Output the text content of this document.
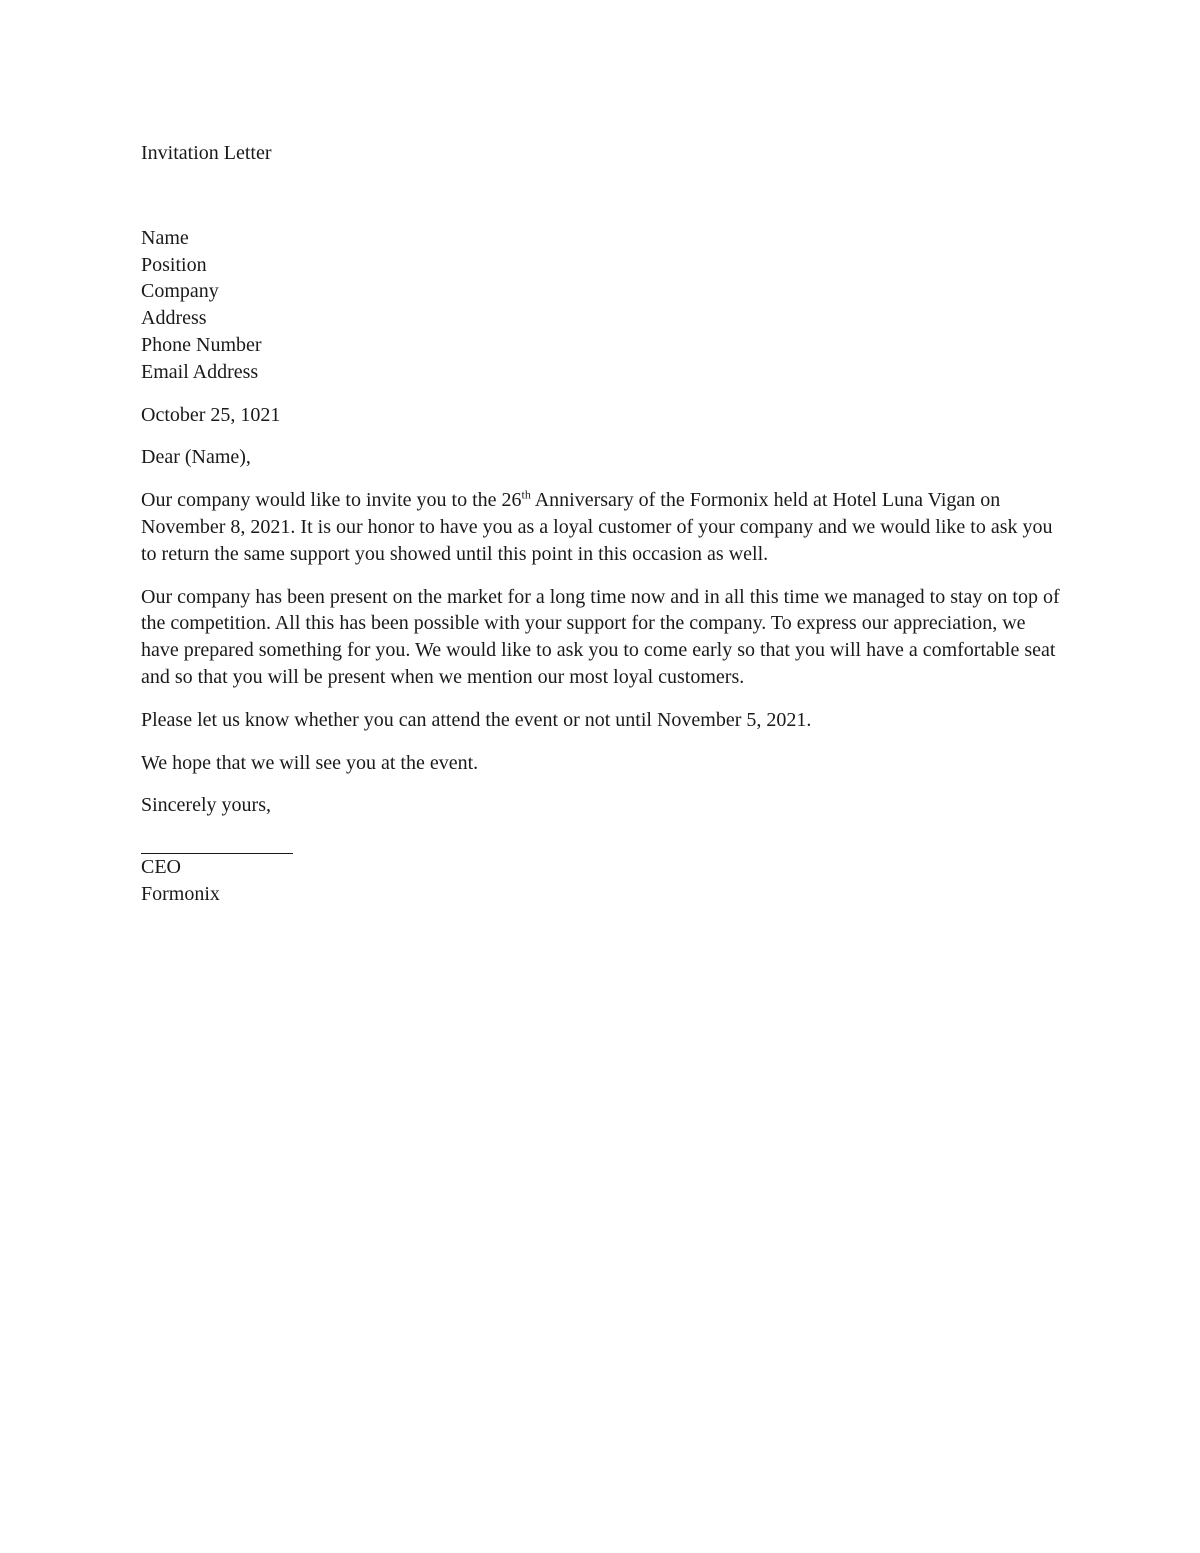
Invitation Letter

Name
Position
Company
Address
Phone Number
Email Address

October 25, 1021

Dear (Name),

Our company would like to invite you to the 26th Anniversary of the Formonix held at Hotel Luna Vigan on November 8, 2021. It is our honor to have you as a loyal customer of your company and we would like to ask you to return the same support you showed until this point in this occasion as well.

Our company has been present on the market for a long time now and in all this time we managed to stay on top of the competition. All this has been possible with your support for the company. To express our appreciation, we have prepared something for you. We would like to ask you to come early so that you will have a comfortable seat and so that you will be present when we mention our most loyal customers.

Please let us know whether you can attend the event or not until November 5, 2021.

We hope that we will see you at the event.

Sincerely yours,

CEO
Formonix
